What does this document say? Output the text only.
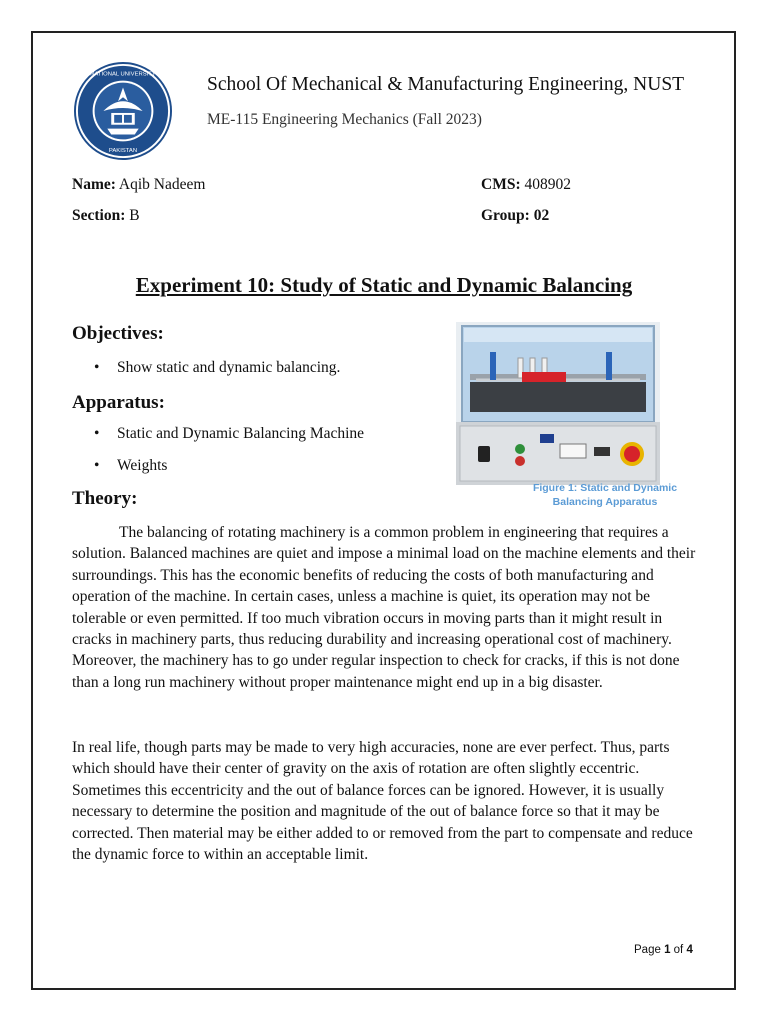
NATIONAL UNIVERSITY
PAKISTAN
School Of Mechanical & Manufacturing Engineering, NUST
ME-115 Engineering Mechanics (Fall 2023)
Name: Aqib Nadeem	CMS: 408902
Section: B	Group: 02
Experiment 10: Study of Static and Dynamic Balancing
Objectives:
• Show static and dynamic balancing.
Apparatus:
• Static and Dynamic Balancing Machine
• Weights
Figure 1: Static and Dynamic
Balancing Apparatus
Theory:

The balancing of rotating machinery is a common problem in engineering that requires a solution. Balanced machines are quiet and impose a minimal load on the machine elements and their surroundings. This has the economic benefits of reducing the costs of both manufacturing and operation of the machine. In certain cases, unless a machine is quiet, its operation may not be tolerable or even permitted. If too much vibration occurs in moving parts than it might result in cracks in machinery parts, thus reducing durability and increasing operational cost of machinery. Moreover, the machinery has to go under regular inspection to check for cracks, if this is not done than a long run machinery without proper maintenance might end up in a big disaster.

In real life, though parts may be made to very high accuracies, none are ever perfect. Thus, parts which should have their center of gravity on the axis of rotation are often slightly eccentric. Sometimes this eccentricity and the out of balance forces can be ignored. However, it is usually necessary to determine the position and magnitude of the out of balance force so that it may be corrected. Then material may be either added to or removed from the part to compensate and reduce the dynamic force to within an acceptable limit.

Page 1 of 4
